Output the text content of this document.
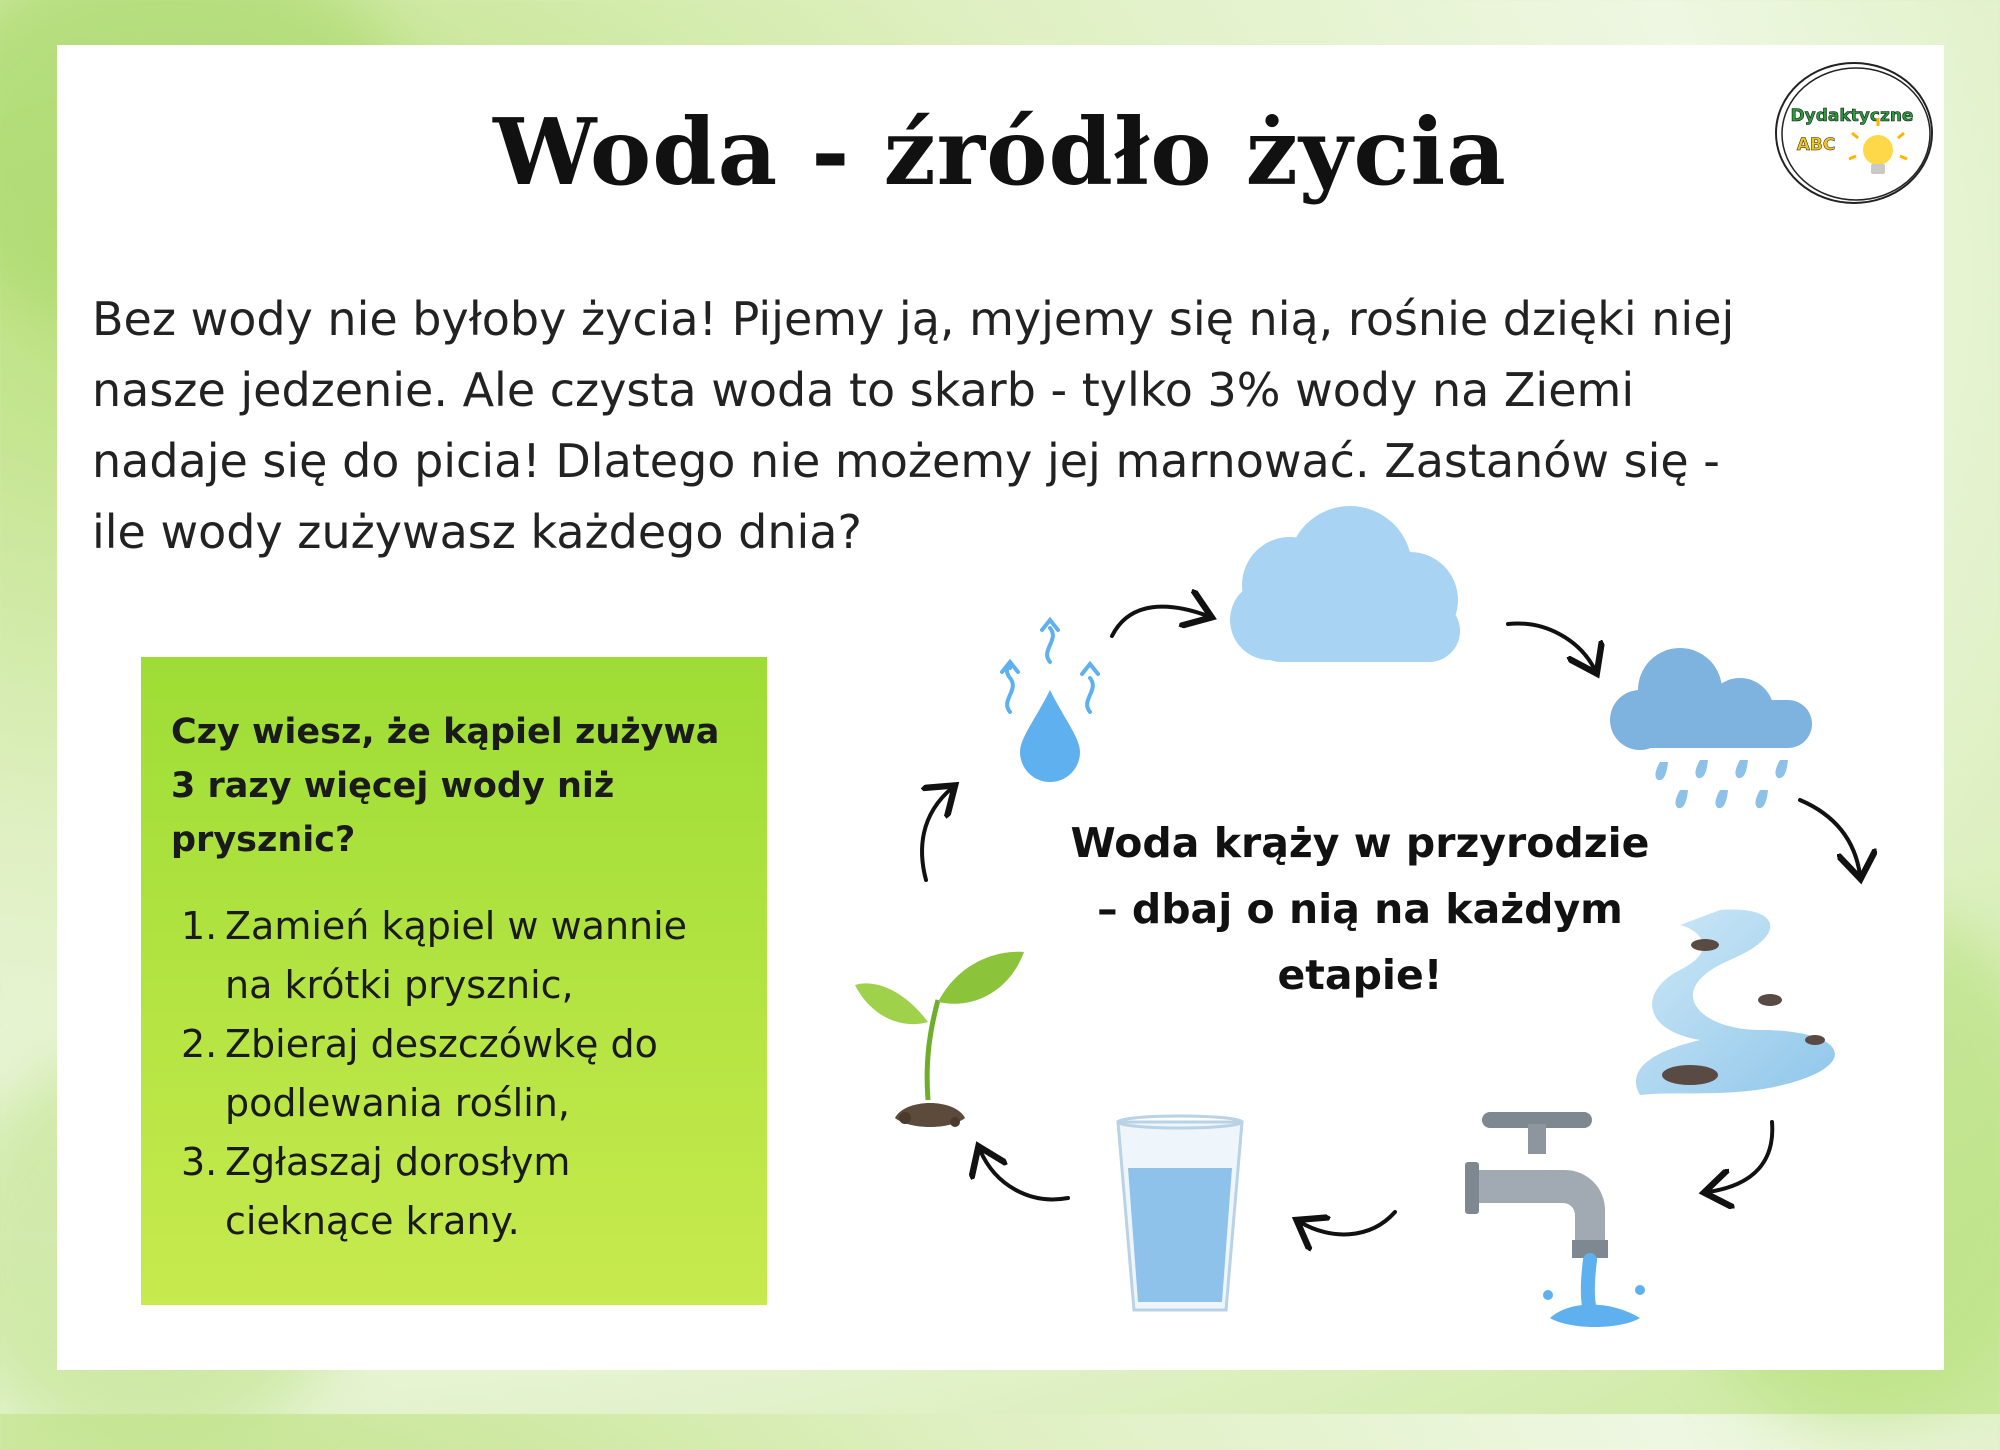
Woda - źródło życia	Dydaktyczne
ABC
Bez wody nie byłoby życia! Pijemy ją, myjemy się nią, rośnie dzięki niej
nasze jedzenie. Ale czysta woda to skarb - tylko 3% wody na Ziemi
nadaje się do picia! Dlatego nie możemy jej marnować. Zastanów się -
ile wody zużywasz każdego dnia?
Czy wiesz, że kąpiel zużywa
3 razy więcej wody niż
prysznic?
1. Zamień kąpiel w wannie
na krótki prysznic,
2. Zbieraj deszczówkę do
podlewania roślin,
3. Zgłaszaj dorosłym
cieknące krany.
Woda krąży w przyrodzie
– dbaj o nią na każdym
etapie!
